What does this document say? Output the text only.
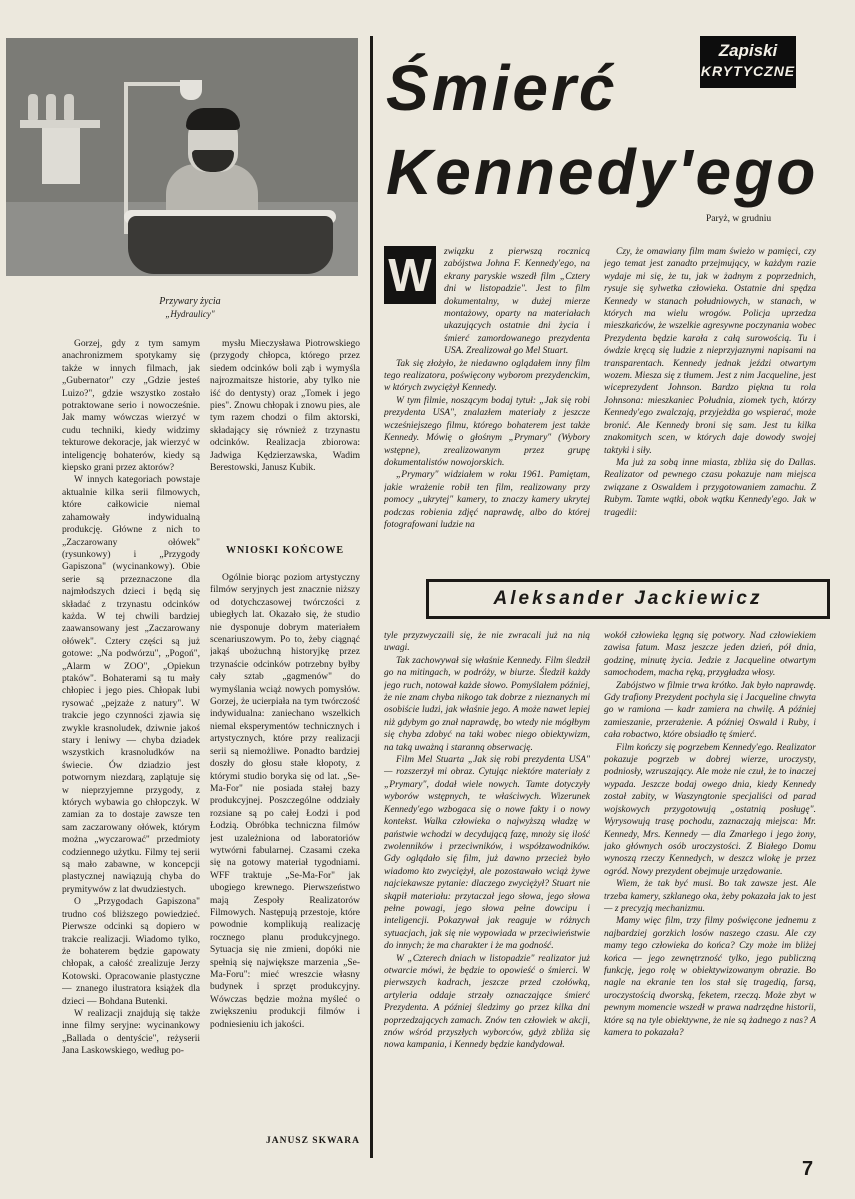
Przywary życia
„Hydraulicy"

Gorzej, gdy z tym samym anachronizmem spotykamy się także w innych filmach, jak „Gubernator" czy „Gdzie jesteś Luizo?", gdzie wszystko zostało potraktowane serio i nowocześnie. Jak mamy wówczas wierzyć w cudu techniki, kiedy widzimy tekturowe dekoracje, jak wierzyć w inteligencję bohaterów, kiedy są kiepsko grani przez aktorów?

W innych kategoriach powstaje aktualnie kilka serii filmowych, które całkowicie niemal zahamowały indywidualną produkcję. Główne z nich to „Zaczarowany ołówek" (rysunkowy) i „Przygody Gapiszona" (wycinankowy). Obie serie są przeznaczone dla najmłodszych dzieci i będą się składać z trzynastu odcinków każda. W tej chwili bardziej zaawansowany jest „Zaczarowany ołówek". Cztery części są już gotowe: „Na podwórzu", „Pogoń", „Alarm w ZOO", „Opiekun ptaków". Bohaterami są tu mały chłopiec i jego pies. Chłopak lubi rysować „pejzaże z natury". W trakcie jego czynności zjawia się zwykle krasnoludek, dziwnie jakoś stary i leniwy — chyba dziadek wszystkich krasnoludków na świecie. Ów dziadzio jest potwornym niezdarą, zaplątuje się w nieprzyjemne przygody, z których wybawia go chłopczyk. W zamian za to dostaje zawsze ten sam zaczarowany ołówek, którym można „wyczarować" przedmioty codziennego użytku. Filmy tej serii są mało zabawne, w koncepcji plastycznej nawiązują chyba do prymitywów z lat dwudziestych.

O „Przygodach Gapiszona" trudno coś bliższego powiedzieć. Pierwsze odcinki są dopiero w trakcie realizacji. Wiadomo tylko, że bohaterem będzie gapowaty chłopak, a całość zrealizuje Jerzy Kotowski. Opracowanie plastyczne — znanego ilustratora książek dla dzieci — Bohdana Butenki.

W realizacji znajdują się także inne filmy seryjne: wycinankowy „Ballada o dentyście", reżyserii Jana Laskowskiego, według po-

mysłu Mieczysława Piotrowskiego (przygody chłopca, którego przez siedem odcinków boli ząb i wymyśla najrozmaitsze historie, aby tylko nie iść do dentysty) oraz „Tomek i jego pies". Znowu chłopak i znowu pies, ale tym razem chodzi o film aktorski, składający się również z trzynastu odcinków. Realizacja zbiorowa: Jadwiga Kędzierzawska, Wadim Berestowski, Janusz Kubik.

WNIOSKI KOŃCOWE

Ogólnie biorąc poziom artystyczny filmów seryjnych jest znacznie niższy od dotychczasowej twórczości z ubiegłych lat. Okazało się, że studio nie dysponuje dobrym materiałem scenariuszowym. Po to, żeby ciągnąć jakąś ubożuchną historyjkę przez trzynaście odcinków potrzebny byłby cały sztab „gagmenów" do wymyślania wciąż nowych pomysłów. Gorzej, że ucierpiała na tym twórczość indywidualna: zaniechano wszelkich niemal eksperymentów technicznych i artystycznych, które przy realizacji serii są niemożliwe. Ponadto bardziej doszły do głosu stałe kłopoty, z którymi studio boryka się od lat. „Se-Ma-For" nie posiada stałej bazy produkcyjnej. Poszczególne oddziały rozsiane są po całej Łodzi i pod Łodzią. Obróbka techniczna filmów jest uzależniona od laboratoriów wytwórni fabularnej. Czasami czeka się na gotowy materiał tygodniami. WFF traktuje „Se-Ma-For" jak ubogiego krewnego. Pierwszeństwo mają Zespoły Realizatorów Filmowych. Następują przestoje, które powodnie komplikują realizację rocznego planu produkcyjnego. Sytuacja się nie zmieni, dopóki nie spełnią się największe marzenia „Se-Ma-Foru": mieć wreszcie własny budynek i sprzęt produkcyjny. Wówczas będzie można myśleć o zwiększeniu produkcji filmów i podniesieniu ich jakości.

JANUSZ SKWARA
Zapiski
KRYTYCZNE
Śmierć
Kennedy'ego
Paryż, w grudniu
W	związku z pierwszą rocznicą zabójstwa Johna F. Kennedy'ego, na ekrany paryskie wszedł film „Cztery dni w listopadzie". Jest to film dokumentalny, w dużej mierze montażowy, oparty na materiałach ukazujących ostatnie dni życia i śmierć zamordowanego prezydenta USA. Zrealizował go Mel Stuart.

Tak się złożyło, że niedawno oglądałem inny film tego realizatora, poświęcony wyborom prezydenckim, w których zwyciężył Kennedy.

W tym filmie, noszącym bodaj tytuł: „Jak się robi prezydenta USA", znalazłem materiały z jeszcze wcześniejszego filmu, którego bohaterem jest także Kennedy. Mówię o głośnym „Prymary" (Wybory wstępne), zrealizowanym przez grupę dokumentalistów nowojorskich.

„Prymary" widziałem w roku 1961. Pamiętam, jakie wrażenie robił ten film, realizowany przy pomocy „ukrytej" kamery, to znaczy kamery ukrytej podczas robienia zdjęć naprawdę, albo do której fotografowani ludzie na

Czy, że omawiany film mam świeżo w pamięci, czy jego temat jest zanadto przejmujący, w każdym razie wydaje mi się, że tu, jak w żadnym z poprzednich, rysuje się sylwetka człowieka. Ostatnie dni spędza Kennedy w stanach południowych, w stanach, w których ma wielu wrogów. Policja uprzedza mieszkańców, że wszelkie agresywne poczynania wobec Prezydenta będzie karała z całą surowością. Tu i ówdzie kręcą się ludzie z nieprzyjaznymi napisami na transparentach. Kennedy jednak jeździ otwartym wozem. Miesza się z tłumem. Jest z nim Jacqueline, jest wiceprezydent Johnson. Bardzo piękna tu rola Johnsona: mieszkaniec Południa, ziomek tych, którzy Kennedy'ego zwalczają, przyjeżdża go wspierać, może bronić. Ale Kennedy broni się sam. Jest tu kilka znakomitych scen, w których daje dowody swojej taktyki i siły.

Ma już za sobą inne miasta, zbliża się do Dallas. Realizator od pewnego czasu pokazuje nam miejsca związane z Oswaldem i przygotowaniem zamachu. Z Rubym. Tamte wątki, obok wątku Kennedy'ego. Jak w tragedii:

Aleksander Jackiewicz

tyle przyzwyczaili się, że nie zwracali już na nią uwagi.

Tak zachowywał się właśnie Kennedy. Film śledził go na mitingach, w podróży, w biurze. Śledził każdy jego ruch, notował każde słowo. Pomyślałem później, że nie znam chyba nikogo tak dobrze z nieznanych mi osobiście ludzi, jak właśnie jego. A może nawet lepiej niż gdybym go znał naprawdę, bo wtedy nie mógłbym się chyba zdobyć na taki wobec niego obiektywizm, na taką uważną i staranną obserwację.

Film Mel Stuarta „Jak się robi prezydenta USA" — rozszerzył mi obraz. Cytując niektóre materiały z „Prymary", dodał wiele nowych. Tamte dotyczyły wyborów wstępnych, te właściwych. Wizerunek Kennedy'ego wzbogaca się o nowe fakty i o nowy kontekst. Walka człowieka o najwyższą władzę w państwie wchodzi w decydującą fazę, mnoży się ilość zwolenników i przeciwników, i współzawodników. Gdy oglądało się film, już dawno przecież było wiadomo kto zwyciężył, ale pozostawało wciąż żywe najciekawsze pytanie: dlaczego zwyciężył? Stuart nie skąpił materiału: przytaczał jego słowa, jego słowa pełne powagi, jego słowa pełne dowcipu i inteligencji. Pokazywał jak reaguje w różnych sytuacjach, jak się nie wypowiada w przeciwieństwie do innych; że ma charakter i że ma godność.

W „Czterech dniach w listopadzie" realizator już otwarcie mówi, że będzie to opowieść o śmierci. W pierwszych kadrach, jeszcze przed czołówką, artyleria oddaje strzały oznaczające śmierć Prezydenta. A później śledzimy go przez kilka dni poprzedzających zamach. Znów ten człowiek w akcji, znów wśród przyszłych wyborców, gdyż zbliża się nowa kampania, i Kennedy będzie kandydował.

wokół człowieka lęgną się potwory. Nad człowiekiem zawisa fatum. Masz jeszcze jeden dzień, pół dnia, godzinę, minutę życia. Jedzie z Jacqueline otwartym samochodem, macha ręką, przygładza włosy.

Zabójstwo w filmie trwa krótko. Jak było naprawdę. Gdy trafiony Prezydent pochyla się i Jacqueline chwyta go w ramiona — kadr zamiera na chwilę. A później zamieszanie, przerażenie. A później Oswald i Ruby, i cała robactwo, które obsiadło tę śmierć.

Film kończy się pogrzebem Kennedy'ego. Realizator pokazuje pogrzeb w dobrej wierze, uroczysty, podniosły, wzruszający. Ale może nie czuł, że to inaczej wypada. Jeszcze bodaj owego dnia, kiedy Kennedy został zabity, w Waszyngtonie specjaliści od parad wojskowych przygotowują „ostatnią posługę". Wyrysowują trasę pochodu, zaznaczają miejsca: Mr. Kennedy, Mrs. Kennedy — dla Zmarłego i jego żony, jako głównych osób uroczystości. Z Białego Domu wynoszą rzeczy Kennedych, w deszcz wlokę je przez ogród. Nowy prezydent obejmuje urzędowanie.

Wiem, że tak być musi. Bo tak zawsze jest. Ale trzeba kamery, szklanego oka, żeby pokazała jak to jest — z precyzją mechanizmu.

Mamy więc film, trzy filmy poświęcone jednemu z najbardziej gorzkich losów naszego czasu. Ale czy mamy tego człowieka do końca? Czy może im bliżej końca — jego zewnętrzność tylko, jego publiczną funkcję, jego rolę w obiektywizowanym obrazie. Bo nagle na ekranie ten los stał się tragedią, farsą, uroczystością dworską, feketem, rzeczą. Może zbyt w pewnym momencie wszedł w prawa nadrzędne historii, które są na tyle obiektywne, że nie są żadnego z nas? A kamera to pokazała?

7
